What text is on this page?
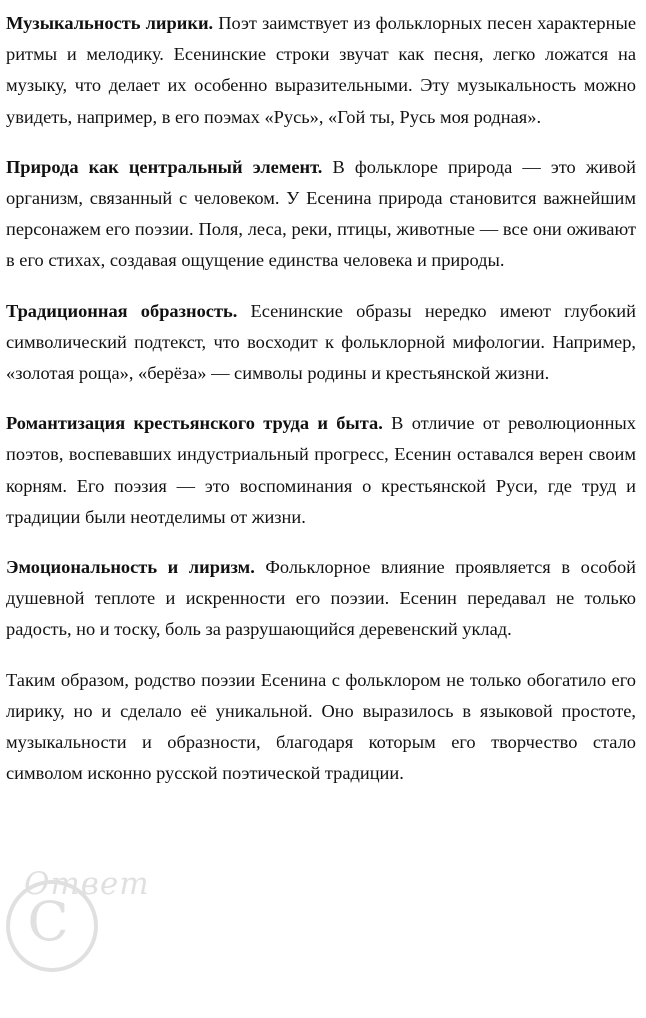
Музыкальность лирики. Поэт заимствует из фольклорных песен характерные ритмы и мелодику. Есенинские строки звучат как песня, легко ложатся на музыку, что делает их особенно выразительными. Эту музыкальность можно увидеть, например, в его поэмах «Русь», «Гой ты, Русь моя родная».

Природа как центральный элемент. В фольклоре природа — это живой организм, связанный с человеком. У Есенина природа становится важнейшим персонажем его поэзии. Поля, леса, реки, птицы, животные — все они оживают в его стихах, создавая ощущение единства человека и природы.

Традиционная образность. Есенинские образы нередко имеют глубокий символический подтекст, что восходит к фольклорной мифологии. Например, «золотая роща», «берёза» — символы родины и крестьянской жизни.

Романтизация крестьянского труда и быта. В отличие от революционных поэтов, воспевавших индустриальный прогресс, Есенин оставался верен своим корням. Его поэзия — это воспоминания о крестьянской Руси, где труд и традиции были неотделимы от жизни.

Эмоциональность и лиризм. Фольклорное влияние проявляется в особой душевной теплоте и искренности его поэзии. Есенин передавал не только радость, но и тоску, боль за разрушающийся деревенский уклад.

Таким образом, родство поэзии Есенина с фольклором не только обогатило его лирику, но и сделало её уникальной. Оно выразилось в языковой простоте, музыкальности и образности, благодаря которым его творчество стало символом исконно русской поэтической традиции.

C
Ответ
